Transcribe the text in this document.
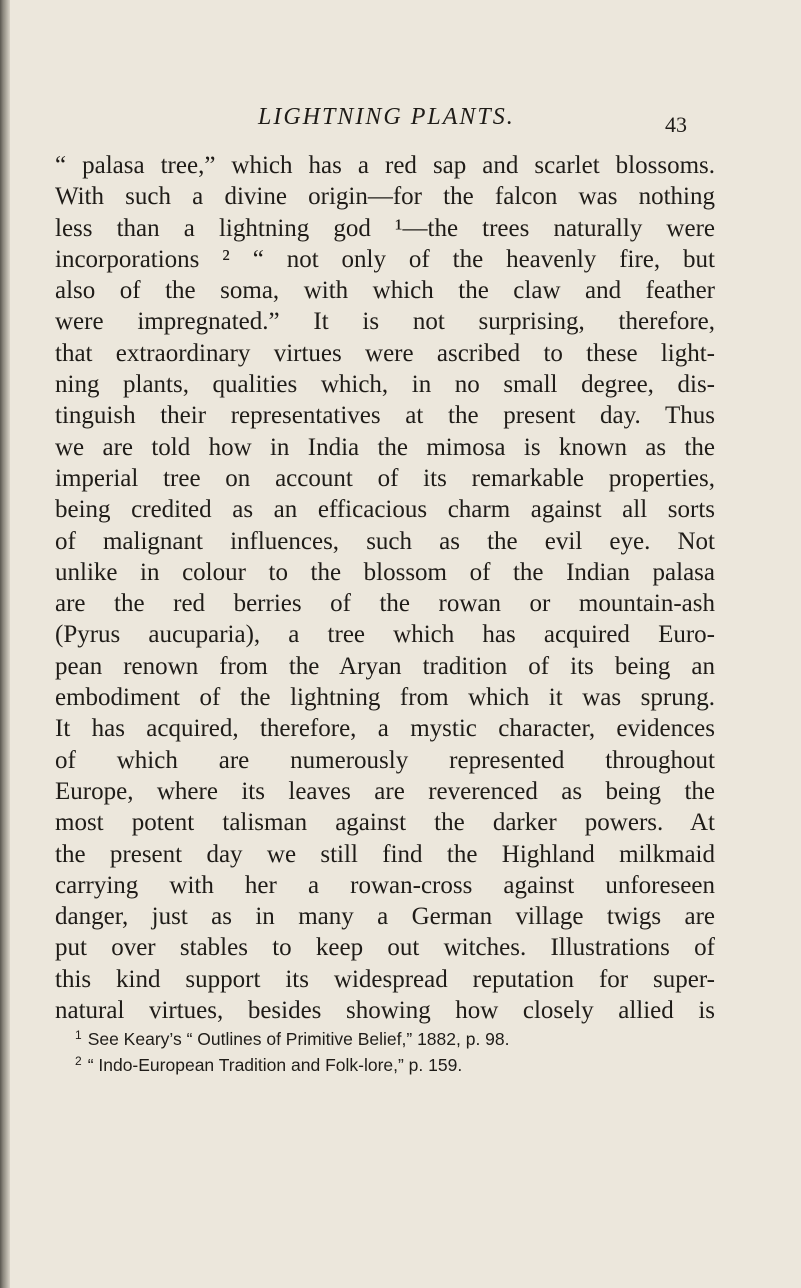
LIGHTNING PLANTS.	43
“ palasa tree,” which has a red sap and scarlet blossoms.
With such a divine origin—for the falcon was nothing
less than a lightning god ¹—the trees naturally were
incorporations ² “ not only of the heavenly fire, but
also of the soma, with which the claw and feather
were impregnated.” It is not surprising, therefore,
that extraordinary virtues were ascribed to these light-
ning plants, qualities which, in no small degree, dis-
tinguish their representatives at the present day. Thus
we are told how in India the mimosa is known as the
imperial tree on account of its remarkable properties,
being credited as an efficacious charm against all sorts
of malignant influences, such as the evil eye. Not
unlike in colour to the blossom of the Indian palasa
are the red berries of the rowan or mountain-ash
(Pyrus aucuparia), a tree which has acquired Euro-
pean renown from the Aryan tradition of its being an
embodiment of the lightning from which it was sprung.
It has acquired, therefore, a mystic character, evidences
of which are numerously represented throughout
Europe, where its leaves are reverenced as being the
most potent talisman against the darker powers. At
the present day we still find the Highland milkmaid
carrying with her a rowan-cross against unforeseen
danger, just as in many a German village twigs are
put over stables to keep out witches. Illustrations of
this kind support its widespread reputation for super-
natural virtues, besides showing how closely allied is
$^1$ See Keary’s “ Outlines of Primitive Belief,” 1882, p. 98.
$^2$ “ Indo-European Tradition and Folk-lore,” p. 159.
